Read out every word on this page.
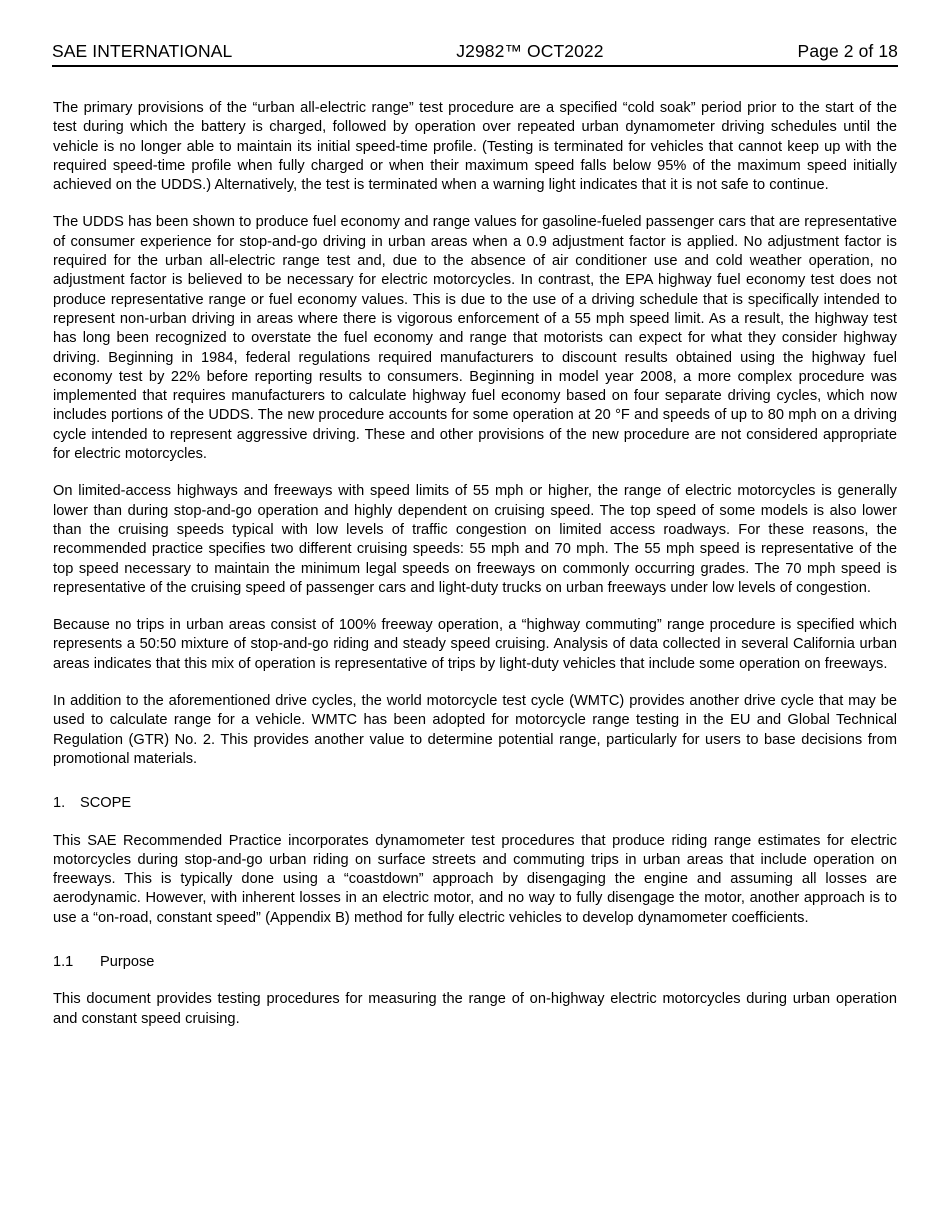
SAE INTERNATIONAL	J2982™ OCT2022	Page 2 of 18

The primary provisions of the “urban all-electric range” test procedure are a specified “cold soak” period prior to the start of the test during which the battery is charged, followed by operation over repeated urban dynamometer driving schedules until the vehicle is no longer able to maintain its initial speed-time profile. (Testing is terminated for vehicles that cannot keep up with the required speed-time profile when fully charged or when their maximum speed falls below 95% of the maximum speed initially achieved on the UDDS.) Alternatively, the test is terminated when a warning light indicates that it is not safe to continue.

The UDDS has been shown to produce fuel economy and range values for gasoline-fueled passenger cars that are representative of consumer experience for stop-and-go driving in urban areas when a 0.9 adjustment factor is applied. No adjustment factor is required for the urban all-electric range test and, due to the absence of air conditioner use and cold weather operation, no adjustment factor is believed to be necessary for electric motorcycles. In contrast, the EPA highway fuel economy test does not produce representative range or fuel economy values. This is due to the use of a driving schedule that is specifically intended to represent non-urban driving in areas where there is vigorous enforcement of a 55 mph speed limit. As a result, the highway test has long been recognized to overstate the fuel economy and range that motorists can expect for what they consider highway driving. Beginning in 1984, federal regulations required manufacturers to discount results obtained using the highway fuel economy test by 22% before reporting results to consumers. Beginning in model year 2008, a more complex procedure was implemented that requires manufacturers to calculate highway fuel economy based on four separate driving cycles, which now includes portions of the UDDS. The new procedure accounts for some operation at 20 °F and speeds of up to 80 mph on a driving cycle intended to represent aggressive driving. These and other provisions of the new procedure are not considered appropriate for electric motorcycles.

On limited-access highways and freeways with speed limits of 55 mph or higher, the range of electric motorcycles is generally lower than during stop-and-go operation and highly dependent on cruising speed. The top speed of some models is also lower than the cruising speeds typical with low levels of traffic congestion on limited access roadways. For these reasons, the recommended practice specifies two different cruising speeds: 55 mph and 70 mph. The 55 mph speed is representative of the top speed necessary to maintain the minimum legal speeds on freeways on commonly occurring grades. The 70 mph speed is representative of the cruising speed of passenger cars and light-duty trucks on urban freeways under low levels of congestion.

Because no trips in urban areas consist of 100% freeway operation, a “highway commuting” range procedure is specified which represents a 50:50 mixture of stop-and-go riding and steady speed cruising. Analysis of data collected in several California urban areas indicates that this mix of operation is representative of trips by light-duty vehicles that include some operation on freeways.

In addition to the aforementioned drive cycles, the world motorcycle test cycle (WMTC) provides another drive cycle that may be used to calculate range for a vehicle. WMTC has been adopted for motorcycle range testing in the EU and Global Technical Regulation (GTR) No. 2. This provides another value to determine potential range, particularly for users to base decisions from promotional materials.

1.	SCOPE

This SAE Recommended Practice incorporates dynamometer test procedures that produce riding range estimates for electric motorcycles during stop-and-go urban riding on surface streets and commuting trips in urban areas that include operation on freeways. This is typically done using a “coastdown” approach by disengaging the engine and assuming all losses are aerodynamic. However, with inherent losses in an electric motor, and no way to fully disengage the motor, another approach is to use a “on-road, constant speed” (Appendix B) method for fully electric vehicles to develop dynamometer coefficients.

1.1	Purpose

This document provides testing procedures for measuring the range of on-highway electric motorcycles during urban operation and constant speed cruising.
